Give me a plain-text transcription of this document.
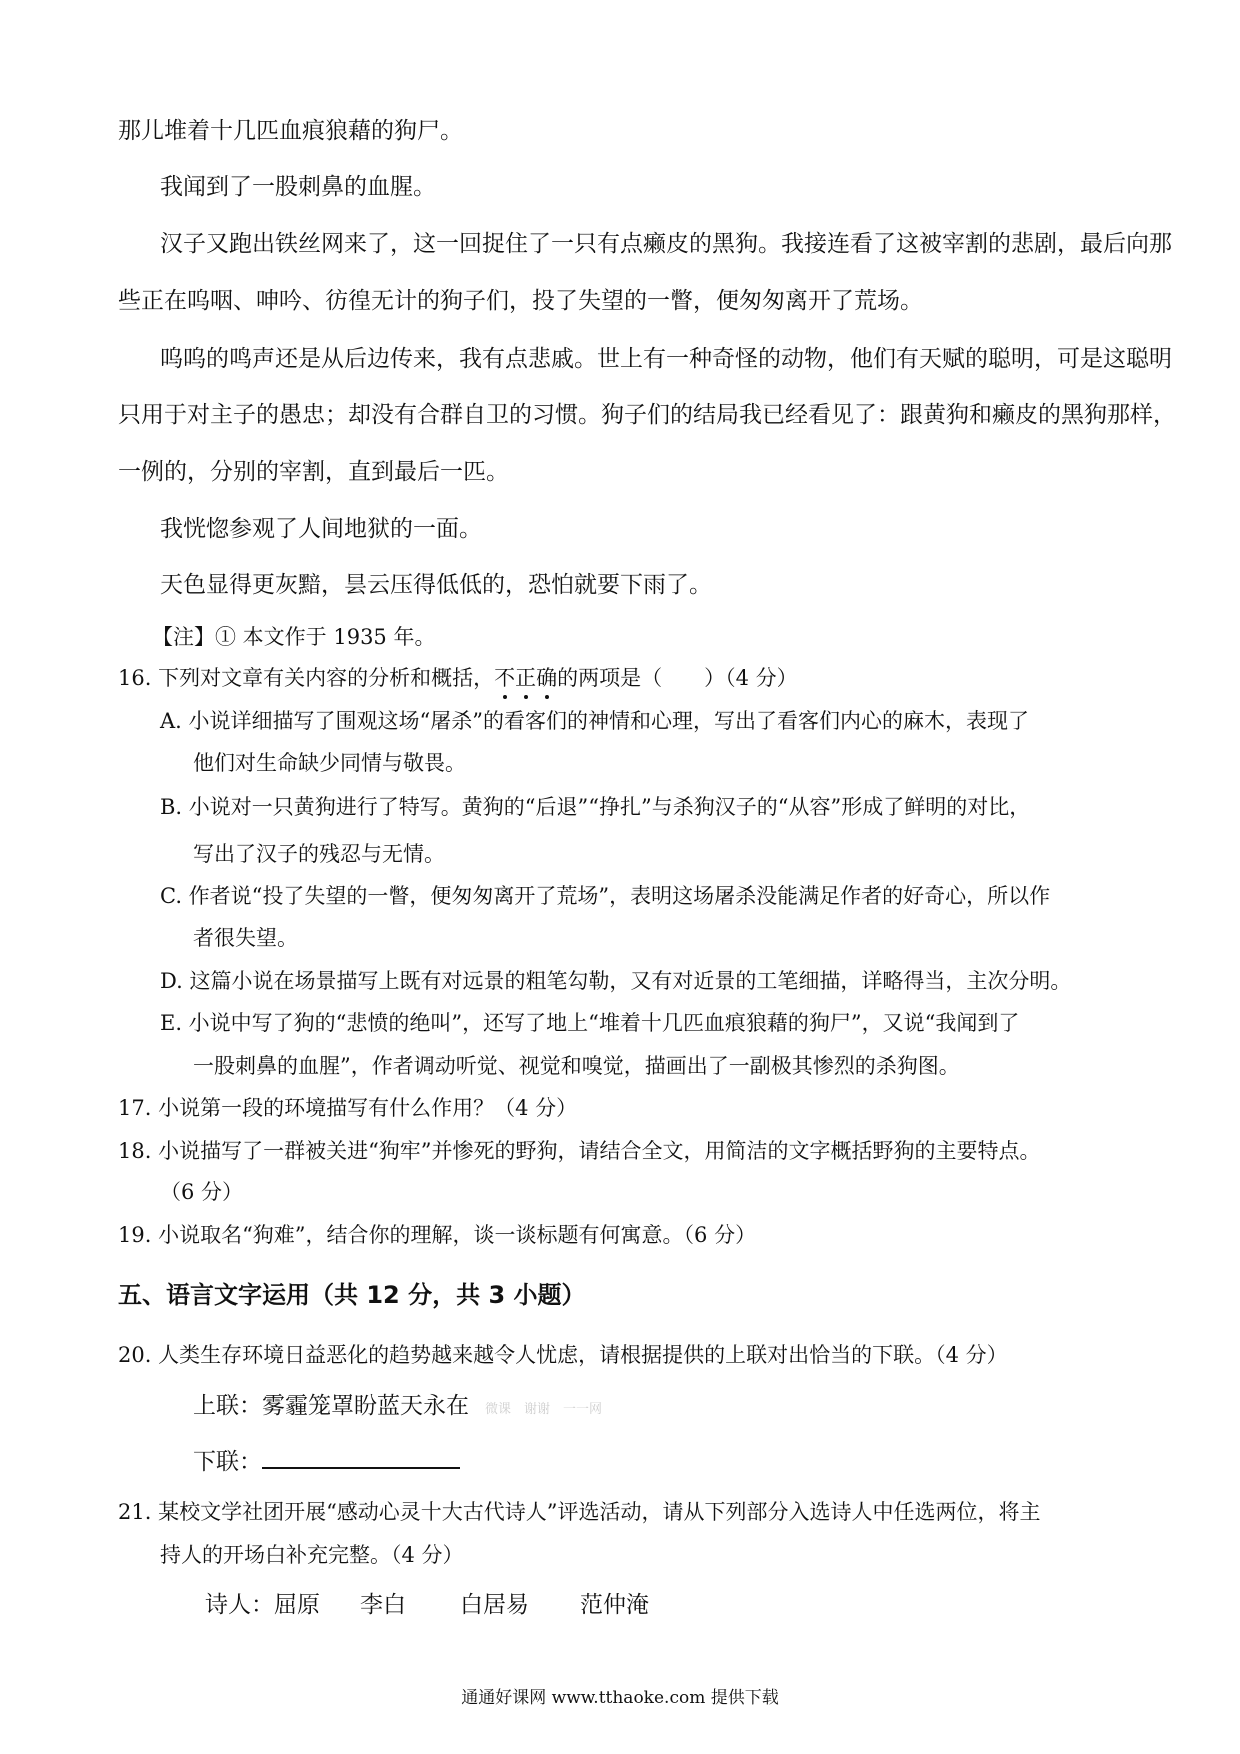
那儿堆着十几匹血痕狼藉的狗尸。
我闻到了一股刺鼻的血腥。
汉子又跑出铁丝网来了，这一回捉住了一只有点癞皮的黑狗。我接连看了这被宰割的悲剧，最后向那
些正在呜咽、呻吟、彷徨无计的狗子们，投了失望的一瞥，便匆匆离开了荒场。
呜呜的鸣声还是从后边传来，我有点悲戚。世上有一种奇怪的动物，他们有天赋的聪明，可是这聪明
只用于对主子的愚忠；却没有合群自卫的习惯。狗子们的结局我已经看见了：跟黄狗和癞皮的黑狗那样，
一例的，分别的宰割，直到最后一匹。
我恍惚参观了人间地狱的一面。
天色显得更灰黯，昙云压得低低的，恐怕就要下雨了。
【注】① 本文作于 1935 年。
16. 下列对文章有关内容的分析和概括，不正确的两项是（　　）（4 分）
A. 小说详细描写了围观这场“屠杀”的看客们的神情和心理，写出了看客们内心的麻木，表现了
他们对生命缺少同情与敬畏。
B. 小说对一只黄狗进行了特写。黄狗的“后退”“挣扎”与杀狗汉子的“从容”形成了鲜明的对比，
写出了汉子的残忍与无情。
C. 作者说“投了失望的一瞥，便匆匆离开了荒场”，表明这场屠杀没能满足作者的好奇心，所以作
者很失望。
D. 这篇小说在场景描写上既有对远景的粗笔勾勒，又有对近景的工笔细描，详略得当，主次分明。
E. 小说中写了狗的“悲愤的绝叫”，还写了地上“堆着十几匹血痕狼藉的狗尸”，又说“我闻到了
一股刺鼻的血腥”，作者调动听觉、视觉和嗅觉，描画出了一副极其惨烈的杀狗图。
17. 小说第一段的环境描写有什么作用？（4 分）
18. 小说描写了一群被关进“狗牢”并惨死的野狗，请结合全文，用简洁的文字概括野狗的主要特点。
（6 分）
19. 小说取名“狗难”，结合你的理解，谈一谈标题有何寓意。（6 分）
五、语言文字运用（共 12 分，共 3 小题）
20. 人类生存环境日益恶化的趋势越来越令人忧虑，请根据提供的上联对出恰当的下联。（4 分）
上联：雾霾笼罩盼蓝天永在 微课　谢谢　一一网
下联：
21. 某校文学社团开展“感动心灵十大古代诗人”评选活动，请从下列部分入选诗人中任选两位，将主
持人的开场白补充完整。（4 分）
诗人：屈原 李白 白居易 范仲淹
通通好课网 www.tthaoke.com 提供下载
